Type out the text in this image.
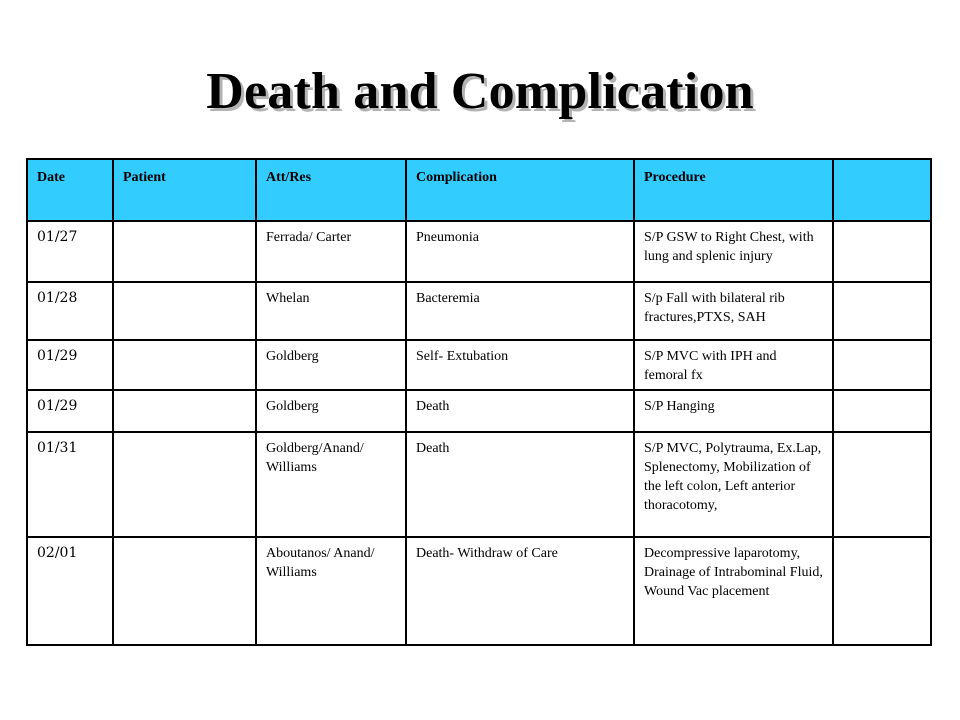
Death and Complication
Date	Patient	Att/Res	Complication	Procedure	
01/27		Ferrada/ Carter	Pneumonia	S/P GSW to Right Chest, with lung and splenic injury	
01/28		Whelan	Bacteremia	S/p Fall with bilateral rib fractures,PTXS, SAH	
01/29		Goldberg	Self- Extubation	S/P MVC with IPH and femoral fx	
01/29		Goldberg	Death	S/P Hanging	
01/31		Goldberg/Anand/ Williams	Death	S/P MVC, Polytrauma, Ex.Lap, Splenectomy, Mobilization of the left colon, Left anterior thoracotomy,	
02/01		Aboutanos/ Anand/ Williams	Death- Withdraw of Care	Decompressive laparotomy, Drainage of Intrabominal Fluid, Wound Vac placement	
